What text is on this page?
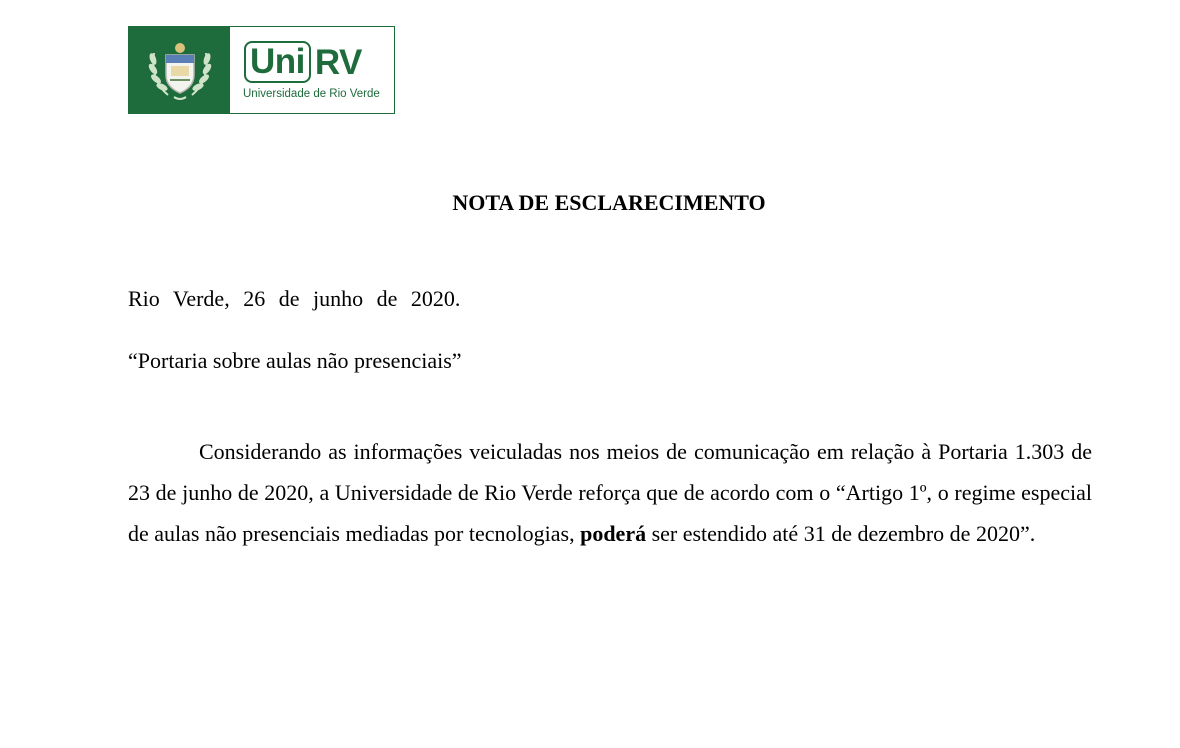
Uni RV
Universidade de Rio Verde
NOTA DE ESCLARECIMENTO

Rio Verde, 26 de junho de 2020.

“Portaria sobre aulas não presenciais”

Considerando as informações veiculadas nos meios de comunicação em relação à Portaria 1.303 de 23 de junho de 2020, a Universidade de Rio Verde reforça que de acordo com o “Artigo 1º, o regime especial de aulas não presenciais mediadas por tecnologias, poderá ser estendido até 31 de dezembro de 2020”.
